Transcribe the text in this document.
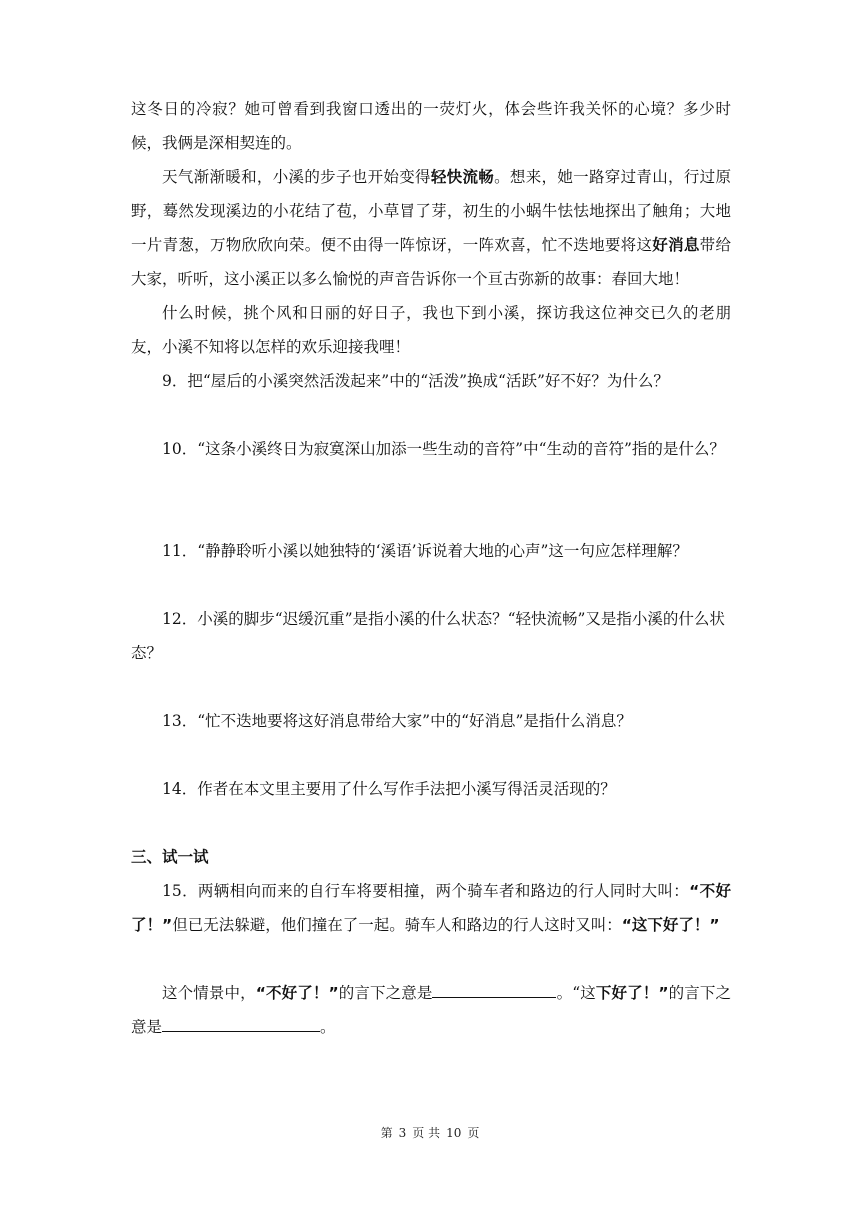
这冬日的冷寂？她可曾看到我窗口透出的一荧灯火，体会些许我关怀的心境？多少时候，我俩是深相契连的。

天气渐渐暖和，小溪的步子也开始变得轻快流畅。想来，她一路穿过青山，行过原野，蓦然发现溪边的小花结了苞，小草冒了芽，初生的小蜗牛怯怯地探出了触角；大地一片青葱，万物欣欣向荣。便不由得一阵惊讶，一阵欢喜，忙不迭地要将这好消息带给大家，听听，这小溪正以多么愉悦的声音告诉你一个亘古弥新的故事：春回大地！

什么时候，挑个风和日丽的好日子，我也下到小溪，探访我这位神交已久的老朋友，小溪不知将以怎样的欢乐迎接我哩！

9．把“屋后的小溪突然活泼起来”中的“活泼”换成“活跃”好不好？为什么？

10．“这条小溪终日为寂寞深山加添一些生动的音符”中“生动的音符”指的是什么？

11．“静静聆听小溪以她独特的‘溪语’诉说着大地的心声”这一句应怎样理解？

12．小溪的脚步“迟缓沉重”是指小溪的什么状态？“轻快流畅”又是指小溪的什么状态？

13．“忙不迭地要将这好消息带给大家”中的“好消息”是指什么消息？

14．作者在本文里主要用了什么写作手法把小溪写得活灵活现的？

三、试一试

15．两辆相向而来的自行车将要相撞，两个骑车者和路边的行人同时大叫：“不好了！”但已无法躲避，他们撞在了一起。骑车人和路边的行人这时又叫：“这下好了！”

这个情景中，“不好了！”的言下之意是	。“这下好了！”的言下之意是	。

第 3 页 共 10 页
